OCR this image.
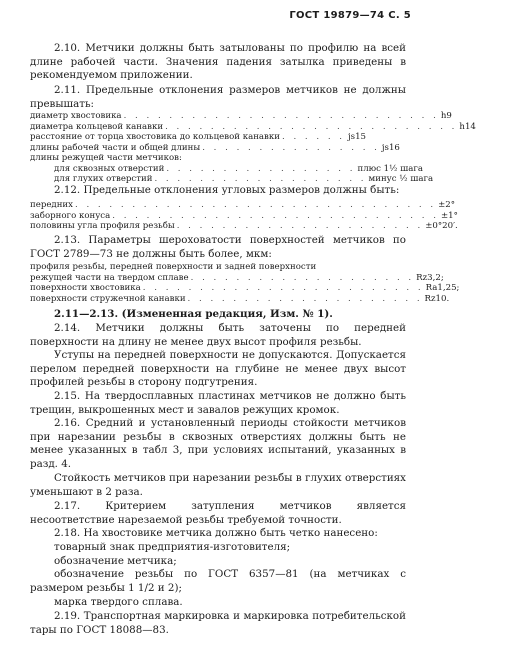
ГОСТ 19879—74 С. 5

2.10. Метчики должны быть затылованы по профилю на всей длине рабочей части. Значения падения затылка приведены в рекомендуемом приложении.

2.11. Предельные отклонения размеров метчиков не должны превышать:

диаметр хвостовика . . . . . . . . . . . . . . . . . . . . . . . . . . . . h9
диаметра кольцевой канавки . . . . . . . . . . . . . . . . . . . . . . . . . . h14
расстояние от торца хвостовика до кольцевой канавки . . . . . . js15
длины рабочей части и общей длины . . . . . . . . . . . . . . . . js16
длины режущей части метчиков:
для сквозных отверстий . . . . . . . . . . . . . . . . . плюс 1½ шага
для глухих отверстий . . . . . . . . . . . . . . . . . . . минус ½ шага

2.12. Предельные отклонения угловых размеров должны быть:

передних . . . . . . . . . . . . . . . . . . . . . . . . . . . . . . . . ±2°
заборного конуса . . . . . . . . . . . . . . . . . . . . . . . . . . . . . ±1°
половины угла профиля резьбы . . . . . . . . . . . . . . . . . . . . . . ±0°20′.

2.13. Параметры шероховатости поверхностей метчиков по ГОСТ 2789—73 не должны быть более, мкм:

профиля резьбы, передней поверхности и задней поверхности
режущей части на твердом сплаве . . . . . . . . . . . . . . . . . . . . Rz3,2;
поверхности хвостовика . . . . . . . . . . . . . . . . . . . . . . . . . Ra1,25;
поверхности стружечной канавки . . . . . . . . . . . . . . . . . . . . . Rz10.

2.11—2.13. (Измененная редакция, Изм. № 1).

2.14. Метчики должны быть заточены по передней поверхности на длину не менее двух высот профиля резьбы.

Уступы на передней поверхности не допускаются. Допускается перелом передней поверхности на глубине не менее двух высот профилей резьбы в сторону подгутрения.

2.15. На твердосплавных пластинах метчиков не должно быть трещин, выкрошенных мест и завалов режущих кромок.

2.16. Средний и установленный периоды стойкости метчиков при нарезании резьбы в сквозных отверстиях должны быть не менее указанных в табл 3, при условиях испытаний, указанных в разд. 4.

Стойкость метчиков при нарезании резьбы в глухих отверстиях уменьшают в 2 раза.

2.17. Критерием затупления метчиков является несоответствие нарезаемой резьбы требуемой точности.

2.18. На хвостовике метчика должно быть четко нанесено:

товарный знак предприятия-изготовителя;

обозначение метчика;

обозначение резьбы по ГОСТ 6357—81 (на метчиках с размером резьбы 1 1/2 и 2);

марка твердого сплава.

2.19. Транспортная маркировка и маркировка потребительской тары по ГОСТ 18088—83.
